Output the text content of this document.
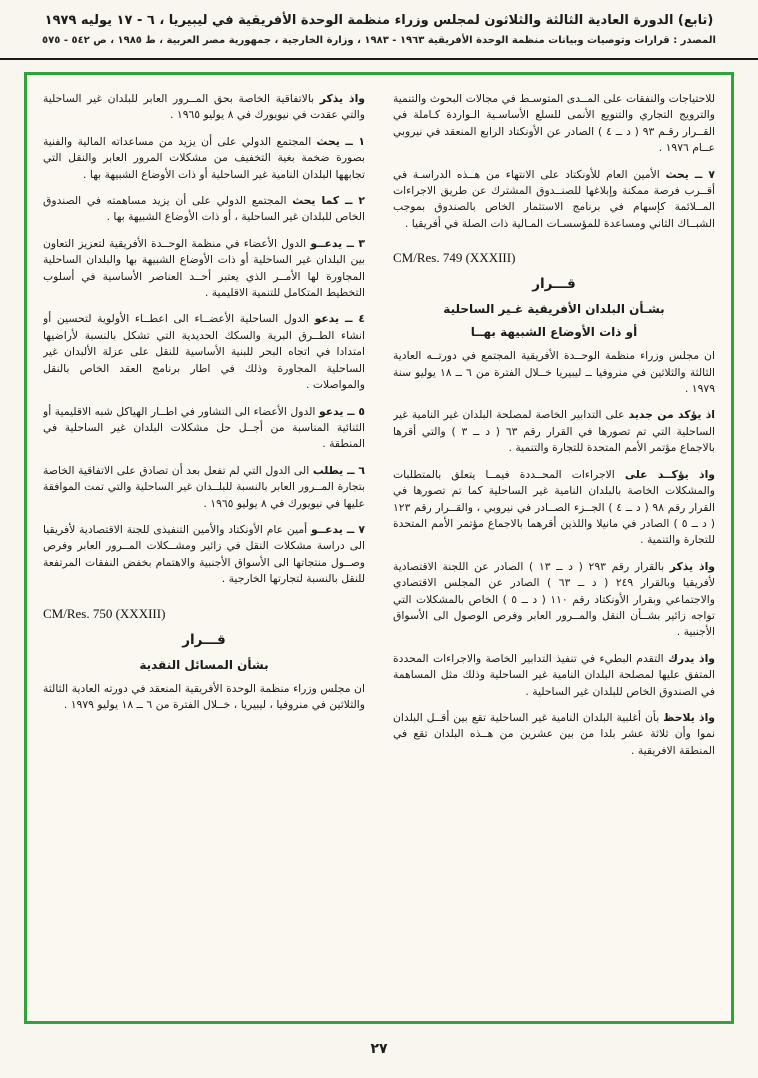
(تابع) الدورة العادية الثالثة والثلاثون لمجلس وزراء منظمة الوحدة الأفريقية في ليبيريا ، ٦ - ١٧ يوليه ١٩٧٩
المصدر : قرارات وتوصيات وبيانات منظمة الوحدة الأفريقية ١٩٦٣ - ١٩٨٣ ، وزارة الخارجية ، جمهورية مصر العربية ، ط ١٩٨٥ ، ص ٥٤٢ - ٥٧٥

للاحتياجات والنفقات على المــدى المتوسـط في مجالات البحوث والتنمية والترويج التجاري والتنويع الأنمى للسلع الأساسـية الـواردة كـاملة في القــرار رقـم ٩٣ ( د ــ ٤ ) الصادر عن الأونكتاد الرابع المنعقد في نيروبي عــام ١٩٧٦ .

٧ ــ يحث الأمين العام للأونكتاد على الانتهاء من هــذه الدراسـة في أقــرب فرصة ممكنة وإبلاغها للصنــدوق المشترك عن طريق الاجراءات المــلائمة كإسهام في برنامج الاستثمار الخاص بالصندوق بموجب الشبــاك الثاني ومساعدة للمؤسسـات المـالية ذات الصلة في أفريقيا .

CM/Res. 749 (XXXIII)

قـــرار
بشـأن البلدان الأفريقية غـير الساحلية
أو ذات الأوضاع الشبيهة بهــا

ان مجلس وزراء منظمة الوحــدة الأفريقية المجتمع في دورتــه العادية الثالثة والثلاثين في منروفيا ــ ليبيريا خــلال الفترة من ٦ ــ ١٨ يوليو سنة ١٩٧٩ .

اذ يؤكد من جديد على التدابير الخاصة لمصلحة البلدان غير النامية غير الساحلية التي تم تصورها في القرار رقم ٦٣ ( د ــ ٣ ) والتي أقرها بالاجماع مؤتمر الأمم المتحدة للتجارة والتنمية .

واذ يؤكــد على الاجراءات المحــددة فيمــا يتعلق بالمتطلبات والمشكلات الخاصة بالبلدان النامية غير الساحلية كما تم تصورها في القرار رقم ٩٨ ( د ــ ٤ ) الجــزء الصــادر في نيروبي ، والقــرار رقم ١٢٣ ( د ــ ٥ ) الصادر في مانيلا واللذين أقرهما بالاجماع مؤتمر الأمم المتحدة للتجارة والتنمية .

واذ يذكر بالقرار رقم ٢٩٣ ( د ــ ١٣ ) الصادر عن اللجنة الاقتصادية لأفريقيا وبالقرار ٢٤٩ ( د ــ ٦٣ ) الصادر عن المجلس الاقتصادي والاجتماعي وبقرار الأونكتاد رقم ١١٠ ( د ــ ٥ ) الخاص بالمشكلات التي تواجه زائير بشــأن النقل والمــرور العابر وفرص الوصول الى الأسواق الأجنبية .

واذ يدرك التقدم البطيء في تنفيذ التدابير الخاصة والاجراءات المحددة المتفق عليها لمصلحة البلدان النامية غير الساحلية وذلك مثل المساهمة في الصندوق الخاص للبلدان غير الساحلية .

واذ يلاحظ بأن أغلبية البلدان النامية غير الساحلية تقع بين أقــل البلدان نموا وأن ثلاثة عشر بلدا من بين عشرين من هــذه البلدان تقع في المنطقة الافريقية .

واذ يذكر بالاتفاقية الخاصة بحق المــرور العابر للبلدان غير الساحلية والتي عقدت في نيويورك في ٨ يوليو ١٩٦٥ .

١ ــ يحث المجتمع الدولي على أن يزيد من مساعداته المالية والفنية بصورة ضخمة بغية التخفيف من مشكلات المرور العابر والنقل التي تجابهها البلدان النامية غير الساحلية أو ذات الأوضاع الشبيهة بها .

٢ ــ كما يحث المجتمع الدولي على أن يزيد مساهمته في الصندوق الخاص للبلدان غير الساحلية ، أو ذات الأوضاع الشبيهة بها .

٣ ــ يدعــو الدول الأعضاء في منظمة الوحــدة الأفريقية لتعزيز التعاون بين البلدان غير الساحلية أو ذات الأوضاع الشبيهة بها والبلدان الساحلية المجاورة لها الأمــر الذي يعتبر أحــد العناصر الأساسية في أسلوب التخطيط المتكامل للتنمية الاقليمية .

٤ ــ يدعو الدول الساحلية الأعضــاء الى اعطــاء الأولوية لتحسين أو انشاء الطــرق البرية والسكك الحديدية التي تشكل بالنسبة لأراضيها امتدادا في اتجاه البحر للبنية الأساسية للنقل على عزلة الألبدان غير الساحلية المجاورة وذلك في اطار برنامج العقد الخاص بالنقل والمواصلات .

٥ ــ يدعو الدول الأعضاء الى التشاور في اطــار الهياكل شبه الاقليمية أو الثنائية المناسبة من أجــل حل مشكلات البلدان غير الساحلية في المنطقة .

٦ ــ يطلب الى الدول التي لم تفعل بعد أن تصادق على الاتفاقية الخاصة بتجارة المــرور العابر بالنسبة للبلــدان غير الساحلية والتي تمت الموافقة عليها في نيويورك في ٨ يوليو ١٩٦٥ .

٧ ــ يدعــو أمين عام الأونكتاد والأمين التنفيذى للجنة الاقتصادية لأفريقيا الى دراسة مشكلات النقل في زائير ومشــكلات المــرور العابر وفرص وصــول منتجاتها الى الأسواق الأجنبية والاهتمام بخفض النفقات المرتفعة للنقل بالنسبة لتجارتها الخارجية .

CM/Res. 750 (XXXIII)

قـــرار
بشأن المسائل النقدية

ان مجلس وزراء منظمة الوحدة الأفريقية المنعقد في دورته العادية الثالثة والثلاثين في منروفيا ، ليبيريا ، خــلال الفترة من ٦ ــ ١٨ يوليو ١٩٧٩ .

٢٧
